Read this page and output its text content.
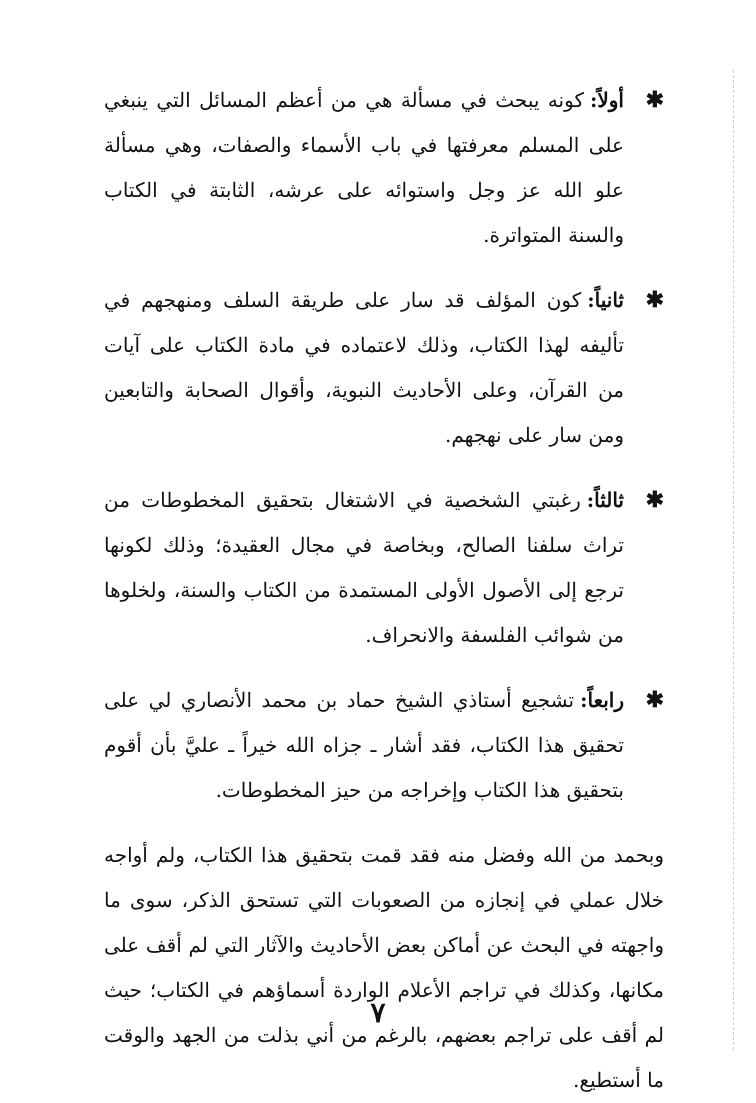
✱
أولاً:كونه يبحث في مسألة هي من أعظم المسائل التي ينبغي على المسلم معرفتها في باب الأسماء والصفات، وهي مسألة علو الله عز وجل واستوائه على عرشه، الثابتة في الكتاب والسنة المتواترة.
✱
ثانياً:كون المؤلف قد سار على طريقة السلف ومنهجهم في تأليفه لهذا الكتاب، وذلك لاعتماده في مادة الكتاب على آيات من القرآن، وعلى الأحاديث النبوية، وأقوال الصحابة والتابعين ومن سار على نهجهم.
✱
ثالثاً:رغبتي الشخصية في الاشتغال بتحقيق المخطوطات من تراث سلفنا الصالح، وبخاصة في مجال العقيدة؛ وذلك لكونها ترجع إلى الأصول الأولى المستمدة من الكتاب والسنة، ولخلوها من شوائب الفلسفة والانحراف.
✱
رابعاً:تشجيع أستاذي الشيخ حماد بن محمد الأنصاري لي على تحقيق هذا الكتاب، فقد أشار ـ جزاه الله خيراً ـ عليَّ بأن أقوم بتحقيق هذا الكتاب وإخراجه من حيز المخطوطات.
وبحمد من الله وفضل منه فقد قمت بتحقيق هذا الكتاب، ولم أواجه خلال عملي في إنجازه من الصعوبات التي تستحق الذكر، سوى ما واجهته في البحث عن أماكن بعض الأحاديث والآثار التي لم أقف على مكانها، وكذلك في تراجم الأعلام الواردة أسماؤهم في الكتاب؛ حيث لم أقف على تراجم بعضهم، بالرغم من أني بذلت من الجهد والوقت ما أستطيع.
٧
